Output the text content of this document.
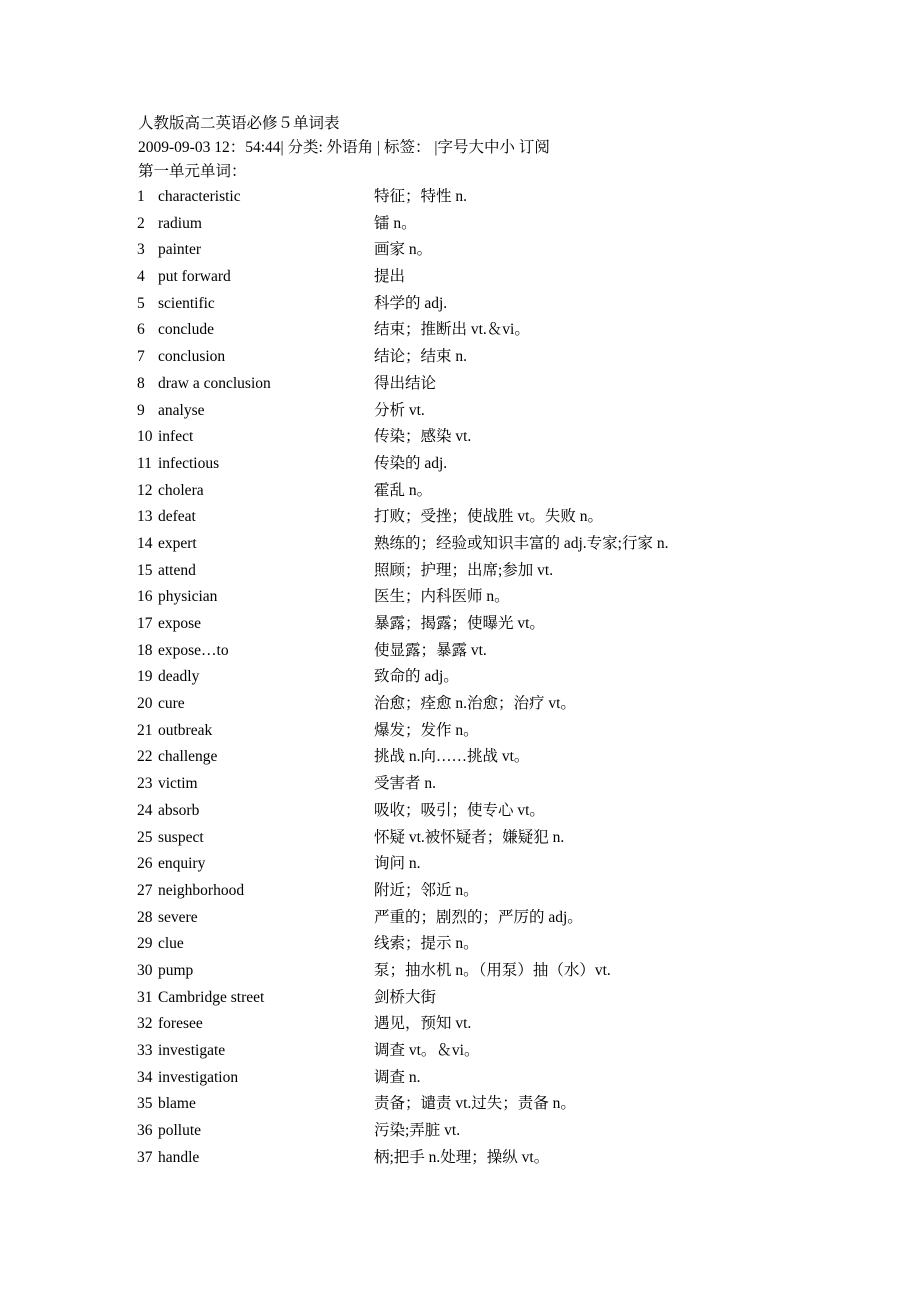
人教版高二英语必修５单词表
2009-09-03 12：54:44| 分类: 外语角 | 标签： |字号大中小 订阅
第一单元单词：
1 characteristic	特征；特性 n.
2 radium	镭 n。
3 painter	画家 n。
4 put forward	提出
5 scientific	科学的 adj.
6 conclude	结束；推断出 vt.＆vi。
7 conclusion	结论；结束 n.
8 draw a conclusion	得出结论
9 analyse	分析 vt.
10 infect	传染；感染 vt.
11 infectious	传染的 adj.
12 cholera	霍乱 n。
13 defeat	打败；受挫；使战胜 vt。失败 n。
14 expert	熟练的；经验或知识丰富的 adj.专家;行家 n.
15 attend	照顾；护理；出席;参加 vt.
16 physician	医生；内科医师 n。
17 expose	暴露；揭露；使曝光 vt。
18 expose…to	使显露；暴露 vt.
19 deadly	致命的 adj。
20 cure	治愈；痊愈 n.治愈；治疗 vt。
21 outbreak	爆发；发作 n。
22 challenge	挑战 n.向……挑战 vt。
23 victim	受害者 n.
24 absorb	吸收；吸引；使专心 vt。
25 suspect	怀疑 vt.被怀疑者；嫌疑犯 n.
26 enquiry	询问 n.
27 neighborhood	附近；邻近 n。
28 severe	严重的；剧烈的；严厉的 adj。
29 clue	线索；提示 n。
30 pump	泵；抽水机 n。（用泵）抽（水）vt.
31 Cambridge street	剑桥大街
32 foresee	遇见，预知 vt.
33 investigate	调查 vt。＆vi。
34 investigation	调查 n.
35 blame	责备；谴责 vt.过失；责备 n。
36 pollute	污染;弄脏 vt.
37 handle	柄;把手 n.处理；操纵 vt。
